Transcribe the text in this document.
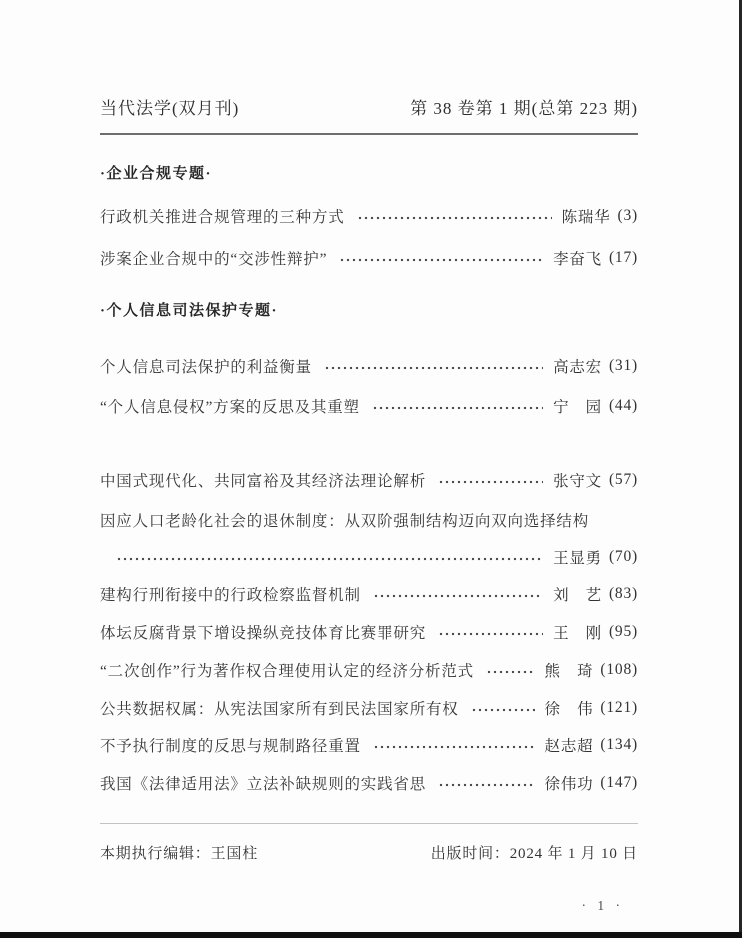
当代法学(双月刊)	第 38 卷第 1 期(总第 223 期)
·企业合规专题·
行政机关推进合规管理的三种方式	陈瑞华 (3)
涉案企业合规中的“交涉性辩护”	李奋飞 (17)
·个人信息司法保护专题·
个人信息司法保护的利益衡量	高志宏 (31)
“个人信息侵权”方案的反思及其重塑	宁　园 (44)
中国式现代化、共同富裕及其经济法理论解析	张守文 (57)
因应人口老龄化社会的退休制度：从双阶强制结构迈向双向选择结构
王显勇 (70)
建构行刑衔接中的行政检察监督机制	刘　艺 (83)
体坛反腐背景下增设操纵竞技体育比赛罪研究	王　刚 (95)
“二次创作”行为著作权合理使用认定的经济分析范式	熊　琦 (108)
公共数据权属：从宪法国家所有到民法国家所有权	徐　伟 (121)
不予执行制度的反思与规制路径重置	赵志超 (134)
我国《法律适用法》立法补缺规则的实践省思	徐伟功 (147)
本期执行编辑：王国柱	出版时间：2024 年 1 月 10 日
· 1 ·
